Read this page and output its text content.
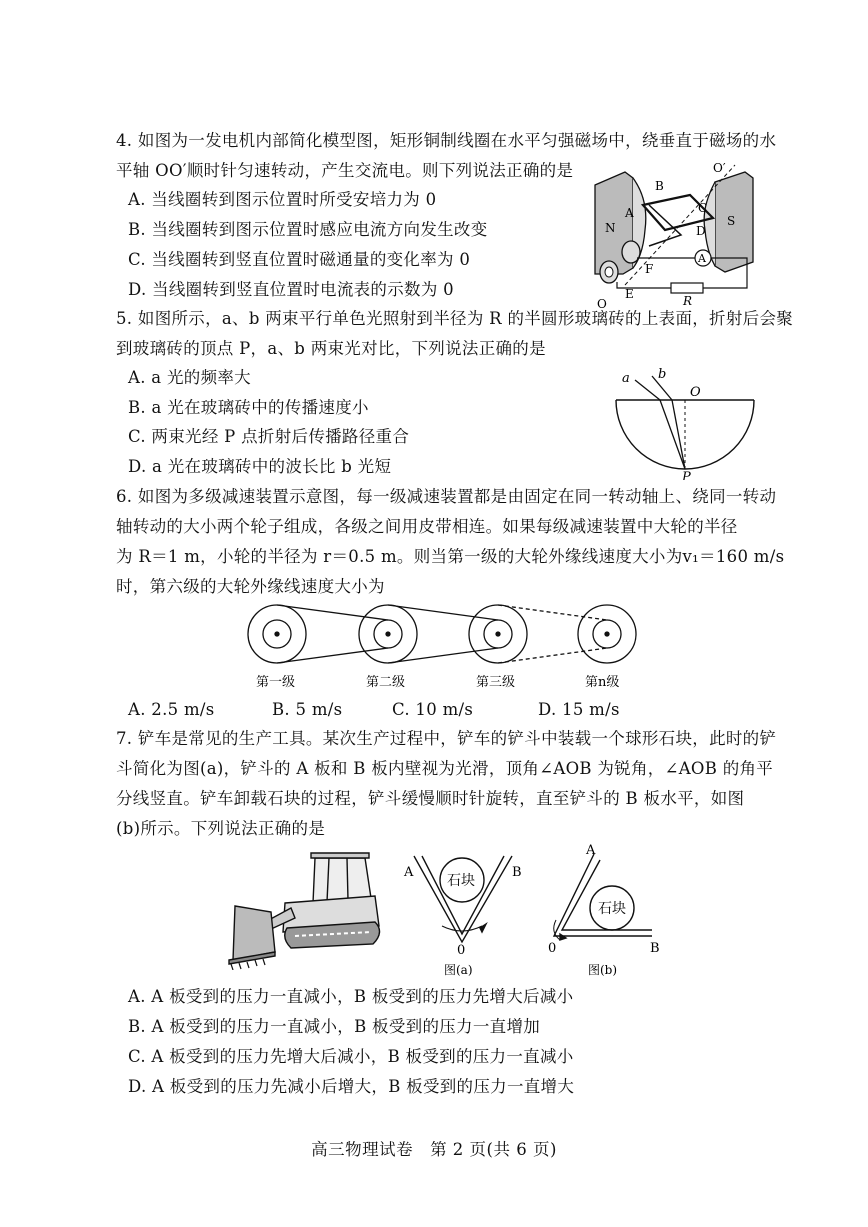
4. 如图为一发电机内部简化模型图，矩形铜制线圈在水平匀强磁场中，绕垂直于磁场的水
平轴 OO′顺时针匀速转动，产生交流电。则下列说法正确的是
A. 当线圈转到图示位置时所受安培力为 0
B. 当线圈转到图示位置时感应电流方向发生改变
C. 当线圈转到竖直位置时磁通量的变化率为 0
D. 当线圈转到竖直位置时电流表的示数为 0
N	S
B
A	C
D
O′
F
E
O
A
R
5. 如图所示，a、b 两束平行单色光照射到半径为 R 的半圆形玻璃砖的上表面，折射后会聚
到玻璃砖的顶点 P，a、b 两束光对比，下列说法正确的是
A. a 光的频率大
B. a 光在玻璃砖中的传播速度小
C. 两束光经 P 点折射后传播路径重合
D. a 光在玻璃砖中的波长比 b 光短
a b
O
P
6. 如图为多级减速装置示意图，每一级减速装置都是由固定在同一转动轴上、绕同一转动
轴转动的大小两个轮子组成，各级之间用皮带相连。如果每级减速装置中大轮的半径
为 R＝1 m，小轮的半径为 r＝0.5 m。则当第一级的大轮外缘线速度大小为v₁＝160 m/s
时，第六级的大轮外缘线速度大小为
第一级	第二级	第三级	第n级
A. 2.5 m/s	B. 5 m/s	C. 10 m/s	D. 15 m/s
7. 铲车是常见的生产工具。某次生产过程中，铲车的铲斗中装载一个球形石块，此时的铲
斗简化为图(a)，铲斗的 A 板和 B 板内壁视为光滑，顶角∠AOB 为锐角，∠AOB 的角平
分线竖直。铲车卸载石块的过程，铲斗缓慢顺时针旋转，直至铲斗的 B 板水平，如图
(b)所示。下列说法正确的是
A	B
石块
0
图(a)
A
B
石块
0
图(b)
A. A 板受到的压力一直减小，B 板受到的压力先增大后减小
B. A 板受到的压力一直减小，B 板受到的压力一直增加
C. A 板受到的压力先增大后减小，B 板受到的压力一直减小
D. A 板受到的压力先减小后增大，B 板受到的压力一直增大
高三物理试卷　第 2 页(共 6 页)
